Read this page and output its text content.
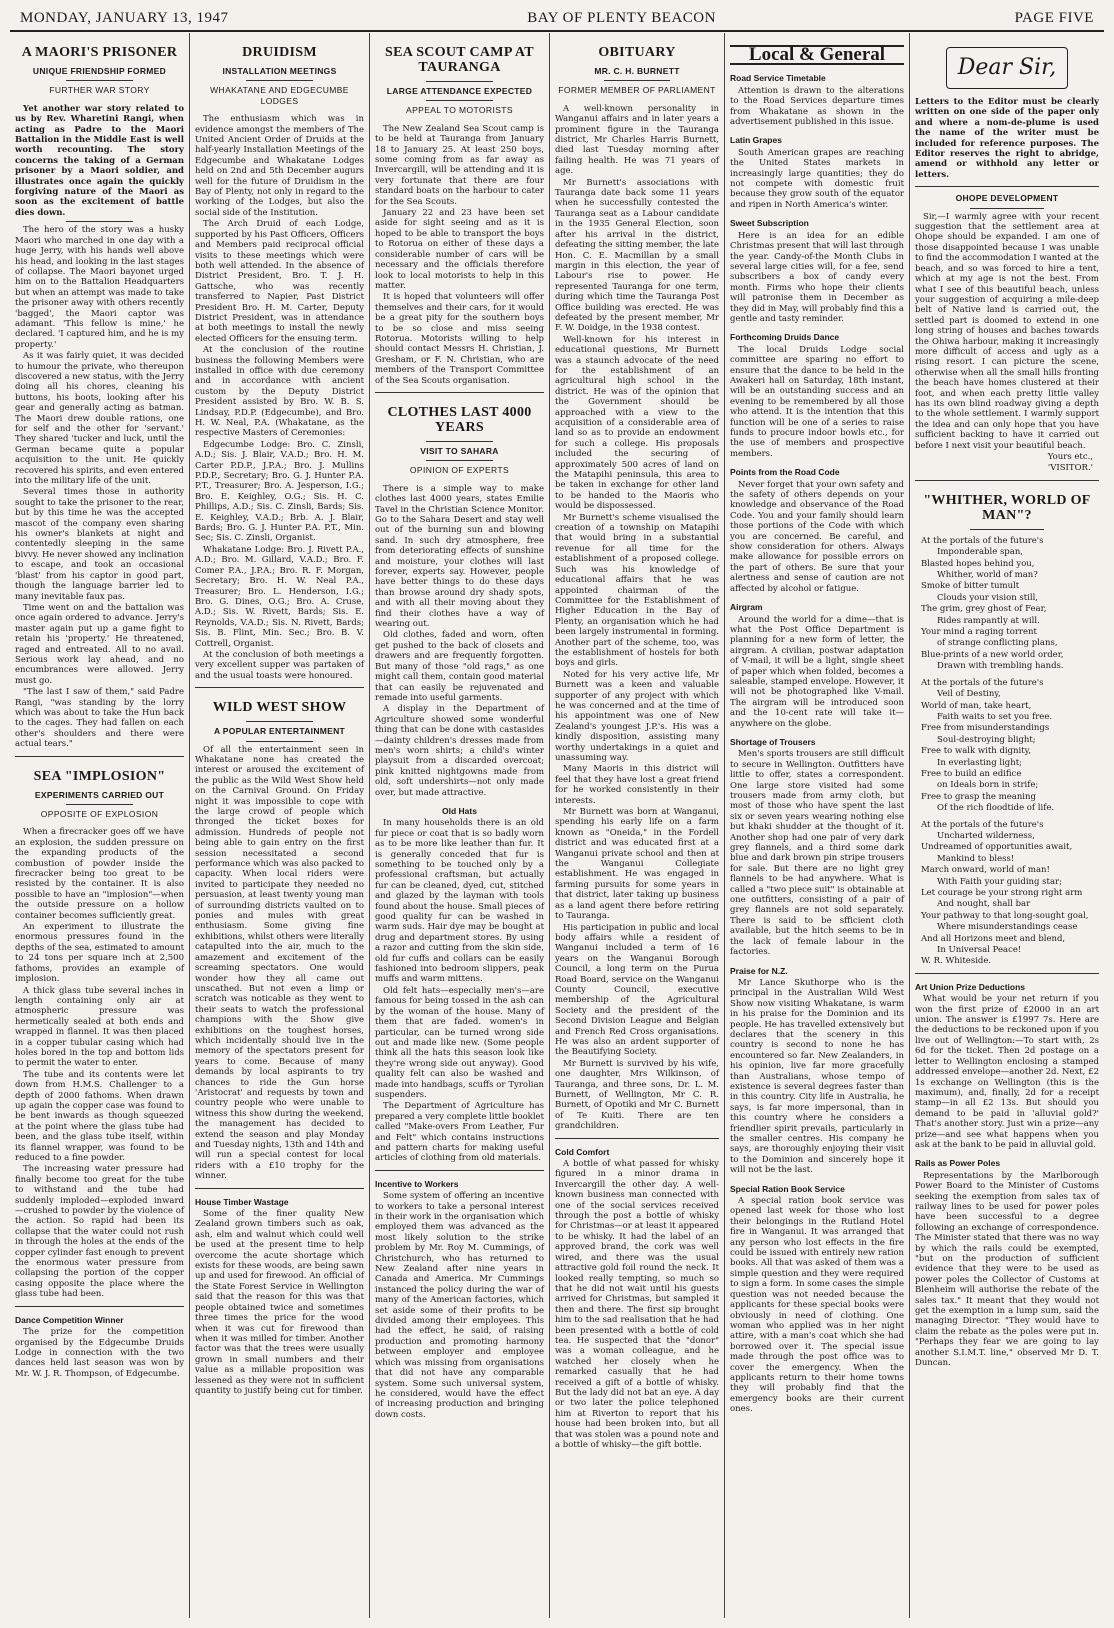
MONDAY, JANUARY 13, 1947	BAY OF PLENTY BEACON	PAGE FIVE
A MAORI'S PRISONER
UNIQUE FRIENDSHIP FORMED
FURTHER WAR STORY

Yet another war story related to us by Rev. Wharetini Rangi, when acting as Padre to the Maori Battalion in the Middle East is well worth recounting. The story concerns the taking of a German prisoner by a Maori soldier, and illustrates once again the quickly forgiving nature of the Maori as soon as the excitement of battle dies down.

The hero of the story was a husky Maori who marched in one day with a huge Jerry, with his hands well above his head, and looking in the last stages of collapse. The Maori bayonet urged him on to the Battalion Headquarters but when an attempt was made to take the prisoner away with others recently 'bagged', the Maori captor was adamant. 'This fellow is mine,' he declared. 'I captured him, and he is my property.'

As it was fairly quiet, it was decided to humour the private, who thereupon discovered a new status, with the Jerry doing all his chores, cleaning his buttons, his boots, looking after his gear and generally acting as batman. The Maori drew double rations, one for self and the other for 'servant.' They shared 'tucker and luck, until the German became quite a popular acquisition to the unit. He quickly recovered his spirits, and even entered into the military life of the unit.

Several times those in authority sought to take the prisoner to the rear, but by this time he was the accepted mascot of the company even sharing his owner's blankets at night and contentedly sleeping in the same bivvy. He never showed any inclination to escape, and took an occasional 'blast' from his captor in good part, though the language barrier led to many inevitable faux pas.

Time went on and the battalion was once again ordered to advance. Jerry's master again put up a game fight to retain his 'property.' He threatened, raged and entreated. All to no avail. Serious work lay ahead, and no encumbrances were allowed. Jerry must go.

"The last I saw of them," said Padre Rangi, "was standing by the lorry which was about to take the Hun back to the cages. They had fallen on each other's shoulders and there were actual tears."

SEA "IMPLOSION"
EXPERIMENTS CARRIED OUT
OPPOSITE OF EXPLOSION

When a firecracker goes off we have an explosion, the sudden pressure on the expanding products of the combustion of powder inside the firecracker being too great to be resisted by the container. It is also possible to have an "implosion"—when the outside pressure on a hollow container becomes sufficiently great.

An experiment to illustrate the enormous pressures found in the depths of the sea, estimated to amount to 24 tons per square inch at 2,500 fathoms, provides an example of implosion.

A thick glass tube several inches in length containing only air at atmospheric pressure was hermetically sealed at both ends and wrapped in flannel. It was then placed in a copper tubular casing which had holes bored in the top and bottom lids to permit the water to enter.

The tube and its contents were let down from H.M.S. Challenger to a depth of 2000 fathoms. When drawn up again the copper case was found to be bent inwards as though squeezed at the point where the glass tube had been, and the glass tube itself, within its flannel wrapper, was found to be reduced to a fine powder.

The increasing water pressure had finally become too great for the tube to withstand and the tube had suddenly imploded—exploded inward—crushed to powder by the violence of the action. So rapid had been its collapse that the water could not rush in through the holes at the ends of the copper cylinder fast enough to prevent the enormous water pressure from collapsing the portion of the copper casing opposite the place where the glass tube had been.

Dance Competition Winner

The prize for the competition organised by the Edgecumbe Druids Lodge in connection with the two dances held last season was won by Mr. W. J. R. Thompson, of Edgecumbe.

DRUIDISM
INSTALLATION MEETINGS
WHAKATANE AND EDGECUMBE LODGES

The enthusiasm which was in evidence amongst the members of The United Ancient Order of Druids at the half-yearly Installation Meetings of the Edgecumbe and Whakatane Lodges held on 2nd and 5th December augurs well for the future of Druidism in the Bay of Plenty, not only in regard to the working of the Lodges, but also the social side of the Institution.

The Arch Druid of each Lodge, supported by his Past Officers, Officers and Members paid reciprocal official visits to these meetings which were both well attended. In the absence of District President, Bro. T. J. H. Gattsche, who was recently transferred to Napier, Past District President Bro. H. M. Carter, Deputy District President, was in attendance at both meetings to install the newly elected Officers for the ensuing term.

At the conclusion of the routine business the following Members were installed in office with due ceremony and in accordance with ancient custom by the Deputy District President assisted by Bro. W. B. S. Lindsay, P.D.P. (Edgecumbe), and Bro. H. W. Neal, P.A. (Whakatane, as the respective Masters of Ceremonies:

Edgecumbe Lodge: Bro. C. Zinsli, A.D.; Sis. J. Blair, V.A.D.; Bro. H. M. Carter P.D.P., J.P.A.; Bro. J. Mullins P.D.P., Secretary; Bro. G. J. Hunter P.A. P.T., Treasurer; Bro. A. Jesperson, I.G.; Bro. E. Keighley, O.G.; Sis. H. C. Phillips, A.D.; Sis. C. Zinsli, Bards; Sis. E. Keighley, V.A.D.; Brb. A. J. Blair, Bards; Bro. G. J. Hunter P.A. P.T., Min. Sec; Sis. C. Zinsli, Organist.

Whakatane Lodge: Bro. J. Rivett P.A., A.D.; Bro. M. Gillard, V.A.D.; Bro. F. Comer P.A., J.P.A.; Bro. R. F. Morgan, Secretary; Bro. H. W. Neal P.A., Treasurer; Bro. L. Henderson, I.G.; Bro. G. Dines, O.G.; Bro. A. Cruse, A.D.; Sis. W. Rivett, Bards; Sis. E. Reynolds, V.A.D.; Sis. N. Rivett, Bards; Sis. B. Flint, Min. Sec.; Bro. B. V. Cottrell, Organist.

At the conclusion of both meetings a very excellent supper was partaken of and the usual toasts were honoured.

WILD WEST SHOW
A POPULAR ENTERTAINMENT

Of all the entertainment seen in Whakatane none has created the interest or aroused the excitement of the public as the Wild West Show held on the Carnival Ground. On Friday night it was impossible to cope with the large crowd of people which thronged the ticket boxes for admission. Hundreds of people not being able to gain entry on the first session necessitated a second performance which was also packed to capacity. When local riders were invited to participate they needed no persuasion, at least twenty young man of surrounding districts vaulted on to ponies and mules with great enthusiasm. Some giving fine exhibitions, whilst others were literally catapulted into the air, much to the amazement and excitement of the screaming spectators. One would wonder how they all came out unscathed. But not even a limp or scratch was noticable as they went to their seats to watch the professional champions with the Show give exhibitions on the toughest horses, which incidentally should live in the memory of the spectators present for years to come. Because of many demands by local aspirants to try chances to ride the Gun horse 'Aristocrat' and requests by town and country people who were unable to witness this show during the weekend, the management has decided to extend the season and play Monday and Tuesday nights, 13th and 14th and will run a special contest for local riders with a £10 trophy for the winner.

House Timber Wastage

Some of the finer quality New Zealand grown timbers such as oak, ash, elm and walnut which could well be used at the present time to help overcome the acute shortage which exists for these woods, are being sawn up and used for firewood. An official of the State Forest Service in Wellington said that the reason for this was that people obtained twice and sometimes three times the price for the wood when it was cut for firewood than when it was milled for timber. Another factor was that the trees were usually grown in small numbers and their value as a millable proposition was lessened as they were not in sufficient quantity to justify being cut for timber.

SEA SCOUT CAMP AT TAURANGA
LARGE ATTENDANCE EXPECTED
APPEAL TO MOTORISTS

The New Zealand Sea Scout camp is to be held at Tauranga from January 18 to January 25. At least 250 boys, some coming from as far away as Invercargill, will be attending and it is very fortunate that there are four standard boats on the harbour to cater for the Sea Scouts.

January 22 and 23 have been set aside for sight seeing and as it is hoped to be able to transport the boys to Rotorua on either of these days a considerable number of cars will be necessary and the officials therefore look to local motorists to help in this matter.

It is hoped that volunteers will offer themselves and their cars, for it would be a great pity for the southern boys to be so close and miss seeing Rotorua. Motorists willing to help should contact Messrs H. Christian, J. Gresham, or F. N. Christian, who are members of the Transport Committee of the Sea Scouts organisation.

CLOTHES LAST 4000 YEARS
VISIT TO SAHARA
OPINION OF EXPERTS

There is a simple way to make clothes last 4000 years, states Emilie Tavel in the Christian Science Monitor. Go to the Sahara Desert and stay well out of the burning sun and blowing sand. In such dry atmosphere, free from deteriorating effects of sunshine and moisture, your clothes will last forever, experts say. However, people have better things to do these days than browse around dry shady spots, and with all their moving about they find their clothes have a way of wearing out.

Old clothes, faded and worn, often get pushed to the back of closets and drawers and are frequently forgotten. But many of those "old rags," as one might call them, contain good material that can easily be rejuvenated and remade into useful garments.

A display in the Department of Agriculture showed some wonderful thing that can be done with castasides—dainty children's dresses made from men's worn shirts; a child's winter playsuit from a discarded overcoat; pink knitted nightgowns made from old, soft undershirts—not only made over, but made attractive.

Old Hats

In many households there is an old fur piece or coat that is so badly worn as to be more like leather than fur. It is generally conceded that fur is something to be touched only by a professional craftsman, but actually fur can be cleaned, dyed, cut, stitched and glazed by the layman with tools found about the house. Small pieces of good quality fur can be washed in warm suds. Hair dye may be bought at drug and department stores. By using a razor and cutting from the skin side, old fur cuffs and collars can be easily fashioned into bedroom slippers, peak muffs and warm mittens.

Old felt hats—especially men's—are famous for being tossed in the ash can by the woman of the house. Many of them that are faded. women's in particular, can be turned wrong side out and made like new. (Some people think all the hats this season look like they're wrong side out anyway). Good quality felt can also be washed and made into handbags, scuffs or Tyrolian suspenders.

The Department of Agriculture has prepared a very complete little booklet called "Make-overs From Leather, Fur and Felt" which contains instructions and pattern charts for making useful articles of clothing from old materials.

Incentive to Workers

Some system of offering an incentive to workers to take a personal interest in their work in the organisation which employed them was advanced as the most likely solution to the strike problem by Mr. Roy M. Cummings, of Christchurch, who has returned to New Zealand after nine years in Canada and America. Mr Cummings instanced the policy during the war of many of the American factories, which set aside some of their profits to be divided among their employees. This had the effect, he said, of raising production and promoting harmony between employer and employee which was missing from organisations that did not have any comparable system. Some such universal system, he considered, would have the effect of increasing production and bringing down costs.

OBITUARY
MR. C. H. BURNETT
FORMER MEMBER OF PARLIAMENT

A well-known personality in Wanganui affairs and in later years a prominent figure in the Tauranga district, Mr Charles Harris Burnett, died last Tuesday morning after failing health. He was 71 years of age.

Mr Burnett's associations with Tauranga date back some 11 years when he successfully contested the Tauranga seat as a Labour candidate in the 1935 General Election, soon after his arrival in the district, defeating the sitting member, the late Hon. C. E. Macmillan by a small margin in this election, the year of Labour's rise to power. He represented Tauranga for one term, during which time the Tauranga Post Office building was erected. He was defeated by the present member, Mr F. W. Doidge, in the 1938 contest.

Well-known for his interest in educational questions, Mr Burnett was a staunch advocate of the need for the establishment of an agricultural high school in the district. He was of the opinion that the Government should be approached with a view to the acquisition of a considerable area of land so as to provide an endowment for such a college. His proposals included the securing of approximately 500 acres of land on the Matapihi peninsula, this area to be taken in exchange for other land to be handed to the Maoris who would be dispossessed.

Mr Burnett's scheme visualised the creation of a township on Matapihi that would bring in a substantial revenue for all time for the establishment of a proposed college. Such was his knowledge of educational affairs that he was appointed chairman of the Committee for the Establishment of Higher Education in the Bay of Plenty, an organisation which he had been largely instrumental in forming. Another part of the scheme, too, was the establishment of hostels for both boys and girls.

Noted for his very active life, Mr Burnett was a keen and valuable supporter of any project with which he was concerned and at the time of his appointment was one of New Zealand's youngest J.P.'s. His was a kindly disposition, assisting many worthy undertakings in a quiet and unassuming way.

Many Maoris in this district will feel that they have lost a great friend for he worked consistently in their interests.

Mr Burnett was born at Wanganui, spending his early life on a farm known as "Oneida," in the Fordell district and was educated first at a Wanganui private school and then at the Wanganui Collegiate establishment. He was engaged in farming pursuits for some years in that district, later taking up business as a land agent there before retiring to Tauranga.

His participation in public and local body affairs while a resident of Wanganui included a term of 16 years on the Wanganui Borough Council, a long term on the Purua Road Board, service on the Wanganui County Council, executive membership of the Agricultural Society and the president of the Second Division League and Belgian and French Red Cross organisations. He was also an ardent supporter of the Beautifying Society.

Mr Burnett is survived by his wife, one daughter, Mrs Wilkinson, of Tauranga, and three sons, Dr. L. M. Burnett, of Wellington, Mr C. R. Burnett, of Opotiki and Mr C. Burnett of Te Kuiti. There are ten grandchildren.

Cold Comfort

A bottle of what passed for whisky figured in a minor drama in Invercargill the other day. A well-known business man connected with one of the social services received through the post a bottle of whisky for Christmas—or at least it appeared to be whisky. It had the label of an approved brand, the cork was well wired, and there was the usual attractive gold foil round the neck. It looked really tempting, so much so that he did not wait until his guests arrived for Christmas, but sampled it then and there. The first sip brought him to the sad realisation that he had been presented with a bottle of cold tea. He suspected that the "donor" was a woman colleague, and he watched her closely when he remarked casually that he had received a gift of a bottle of whisky. But the lady did not bat an eye. A day or two later the police telephoned him at Riverton to report that his house had been broken into, but all that was stolen was a pound note and a bottle of whisky—the gift bottle.

Local & General
Road Service Timetable

Attention is drawn to the alterations to the Road Services departure times from Whakatane as shown in the advertisement published in this issue.

Latin Grapes

South American grapes are reaching the United States markets in increasingly large quantities; they do not compete with domestic fruit because they grow south of the equator and ripen in North America's winter.

Sweet Subscription

Here is an idea for an edible Christmas present that will last through the year. Candy-of-the Month Clubs in several large cities will, for a fee, send subscribers a box of candy every month. Firms who hope their clients will patronise them in December as they did in May, will probably find this a gentle and tasty reminder.

Forthcoming Druids Dance

The local Druids Lodge social committee are sparing no effort to ensure that the dance to be held in the Awakeri hall on Saturday, 18th instant, will be an outstanding success and an evening to be remembered by all those who attend. It is the intention that this function will be one of a series to raise funds to procure indoor bowls etc., for the use of members and prospective members.

Points from the Road Code

Never forget that your own safety and the safety of others depends on your knowledge and observance of the Road Code. You and your family should learn those portions of the Code with which you are concerned. Be careful, and show consideration for others. Always make allowance for possible errors on the part of others. Be sure that your alertness and sense of caution are not affected by alcohol or fatigue.

Airgram

Around the world for a dime—that is what the Post Office Department is planning for a new form of letter, the airgram. A civilian, postwar adaptation of V-mail, it will be a light, single sheet of paper which when folded, becomes a saleable, stamped envelope. However, it will not be photographed like V-mail. The airgram will be introduced soon and the 10-cent rate will take it—anywhere on the globe.

Shortage of Trousers

Men's sports trousers are still difficult to secure in Wellington. Outfitters have little to offer, states a correspondent. One large store visited had some trousers made from army cloth, but most of those who have spent the last six or seven years wearing nothing else but khaki shudder at the thought of it. Another shop had one pair of very dark grey flannels, and a third some dark blue and dark brown pin stripe trousers for sale. But there are no light grey flannels to be had anywhere. What is called a "two piece suit" is obtainable at one outfitters, consisting of a pair of grey flannels are not sold separately. There is said to be sfficient cloth available, but the hitch seems to be in the lack of female labour in the factories.

Praise for N.Z.

Mr Lance Skuthorpe who is the principal in the Australian Wild West Show now visiting Whakatane, is warm in his praise for the Dominion and its people. He has travelled extensively but declares that the scenery in this country is second to none he has encountered so far. New Zealanders, in his opinion, live far more gracefully than Australians, whose tempo of existence is several degrees faster than in this country. City life in Australia, he says, is far more impersonal, than in this country where he considers a friendlier spirit prevails, particularly in the smaller centres. His company he says, are thoroughly enjoying their visit to the Dominion and sincerely hope it will not be the last.

Special Ration Book Service

A special ration book service was opened last week for those who lost their belongings in the Rutland Hotel fire in Wanganui. It was arranged that any person who lost effects in the fire could be issued with entirely new ration books. All that was asked of them was a simple question and they were required to sign a form. In some cases the simple question was not needed because the applicants for these special books were obviously in need of clothing. One woman who applied was in her night attire, with a man's coat which she had borrowed over it. The special issue made through the post office was to cover the emergency. When the applicants return to their home towns they will probably find that the emergency books are their current ones.

Dear Sir,

Letters to the Editor must be clearly written on one side of the paper only and where a nom-de-plume is used the name of the writer must be included for reference purposes. The Editor reserves the right to abridge, amend or withhold any letter or letters.

OHOPE DEVELOPMENT

Sir,—I warmly agree with your recent suggestion that the settlement area at Ohope should be expanded. I am one of those disappointed because I was unable to find the accommodation I wanted at the beach, and so was forced to hire a tent, which at my age is not the best. From what I see of this beautiful beach, unless your suggestion of acquiring a mile-deep belt of Native land is carried out, the settled part is doomed to extend in one long string of houses and baches towards the Ohiwa harbour, making it increasingly more difficult of access and ugly as a rising resort. I can picture the scene, otherwise when all the small hills fronting the beach have homes clustered at their foot, and when each pretty little valley has its own blind roadway giving a depth to the whole settlement. I warmly support the idea and can only hope that you have sufficient backing to have it carried out before I next visit your beautiful beach.

Yours etc.,

'VISITOR.'

"WHITHER, WORLD OF MAN"?

At the portals of the future's

Imponderable span,

Blasted hopes behind you,

Whither, world of man?

Smoke of bitter tumult

Clouds your vision still,

The grim, grey ghost of Fear,

Rides rampantly at will.

Your mind a raging torrent

of strange conflicting plans,

Blue-prints of a new world order,

Drawn with trembling hands.

At the portals of the future's

Veil of Destiny,

World of man, take heart,

Faith waits to set you free.

Free from misunderstandings

Soul-destroying blight;

Free to walk with dignity,

In everlasting light;

Free to build an edifice

on Ideals born in strife;

Free to grasp the meaning

Of the rich floodtide of life.

At the portals of the future's

Uncharted wilderness,

Undreamed of opportunities await,

Mankind to bless!

March onward, world of man!

With Faith your guiding star;

Let courage be your strong right arm

And nought, shall bar

Your pathway to that long-sought goal,

Where misunderstandings cease

And all Horizons meet and blend,

In Universal Peace!

W. R. Whiteside.

Art Union Prize Deductions

What would be your net return if you won the first prize of £2000 in an art union. The answer is £1997 7s. Here are the deductions to be reckoned upon if you live out of Wellington:—To start with, 2s 6d for the ticket. Then 2d postage on a letter to Wellington enclosing a stamped addressed envelope—another 2d. Next, £2 1s exchange on Wellington (this is the maximum), and, finally, 2d for a receipt stamp—in all £2 13s. But should you demand to be paid in 'alluvial gold?' That's another story. Just win a prize—any prize—and see what happens when you ask at the bank to be paid in alluvial gold.

Rails as Power Poles

Representations by the Marlborough Power Board to the Minister of Customs seeking the exemption from sales tax of railway lines to be used for power poles have been successful to a degree following an exchange of correspondence. The Minister stated that there was no way by which the rails could be exempted, "but on the production of sufficient evidence that they were to be used as power poles the Collector of Customs at Blenheim will authorise the rebate of the sales tax." It meant that they would not get the exemption in a lump sum, said the managing Director. "They would have to claim the rebate as the poles were put in. "Perhaps they fear we are going to lay another S.I.M.T. line," observed Mr D. T. Duncan.
